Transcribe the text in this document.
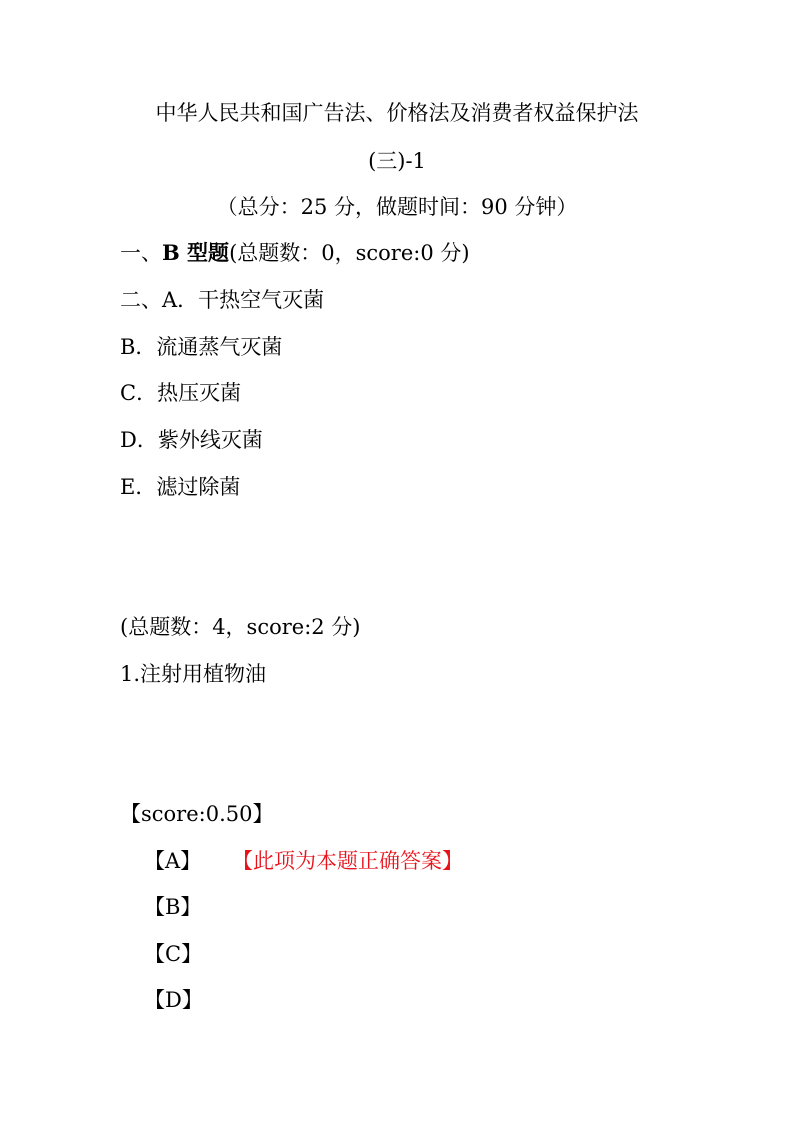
中华人民共和国广告法、价格法及消费者权益保护法
(三)-1
（总分：25 分，做题时间：90 分钟）
一、B 型题(总题数：0，score:0 分)
二、A．干热空气灭菌
B．流通蒸气灭菌
C．热压灭菌
D．紫外线灭菌
E．滤过除菌
(总题数：4，score:2 分)
1.注射用植物油
【score:0.50】
【A】 【此项为本题正确答案】
【B】
【C】
【D】
